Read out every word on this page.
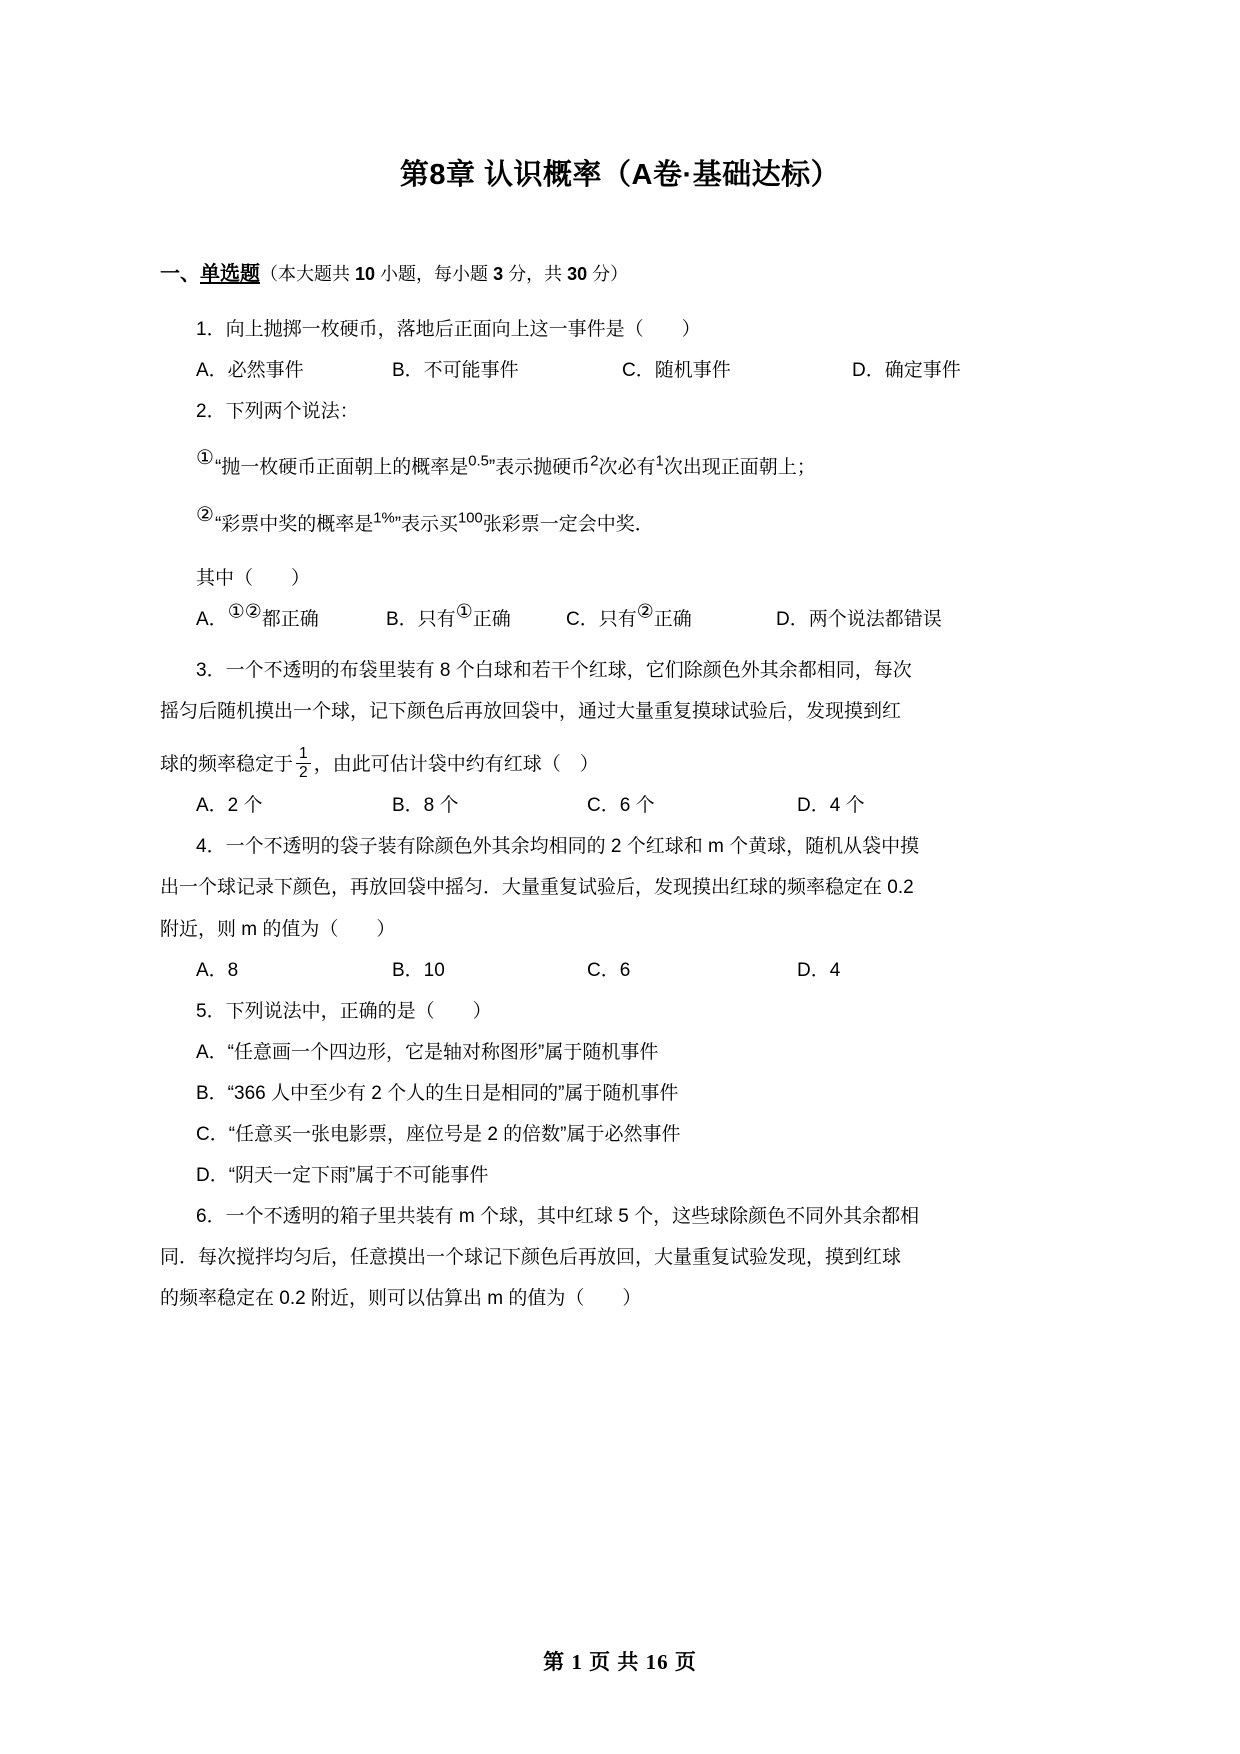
第8章 认识概率（A卷·基础达标）
一、单选题（本大题共 10 小题，每小题 3 分，共 30 分）
1．向上抛掷一枚硬币，落地后正面向上这一事件是（　　）
A．必然事件	B．不可能事件	C．随机事件	D．确定事件
2．下列两个说法：
①“抛一枚硬币正面朝上的概率是$^{0.5}$”表示抛硬币$^2$次必有$^1$次出现正面朝上；
②“彩票中奖的概率是$^{1\%}$”表示买$^{100}$张彩票一定会中奖．
其中（　　）
A．①②都正确	B．只有①正确	C．只有②正确	D．两个说法都错误
3．一个不透明的布袋里装有 8 个白球和若干个红球，它们除颜色外其余都相同，每次
摇匀后随机摸出一个球，记下颜色后再放回袋中，通过大量重复摸球试验后，发现摸到红
球的频率稳定于 $\frac{1}{2}$ ，由此可估计袋中约有红球（　）
A．2 个	B．8 个	C．6 个	D．4 个
4．一个不透明的袋子装有除颜色外其余均相同的 2 个红球和 m 个黄球，随机从袋中摸
出一个球记录下颜色，再放回袋中摇匀．大量重复试验后，发现摸出红球的频率稳定在 0.2
附近，则 m 的值为（　　）
A．8	B．10	C．6	D．4
5．下列说法中，正确的是（　　）
A．“任意画一个四边形，它是轴对称图形”属于随机事件
B．“366 人中至少有 2 个人的生日是相同的”属于随机事件
C．“任意买一张电影票，座位号是 2 的倍数”属于必然事件
D．“阴天一定下雨”属于不可能事件
6．一个不透明的箱子里共装有 m 个球，其中红球 5 个，这些球除颜色不同外其余都相
同．每次搅拌均匀后，任意摸出一个球记下颜色后再放回，大量重复试验发现，摸到红球
的频率稳定在 0.2 附近，则可以估算出 m 的值为（　　）
第 1 页 共 16 页
